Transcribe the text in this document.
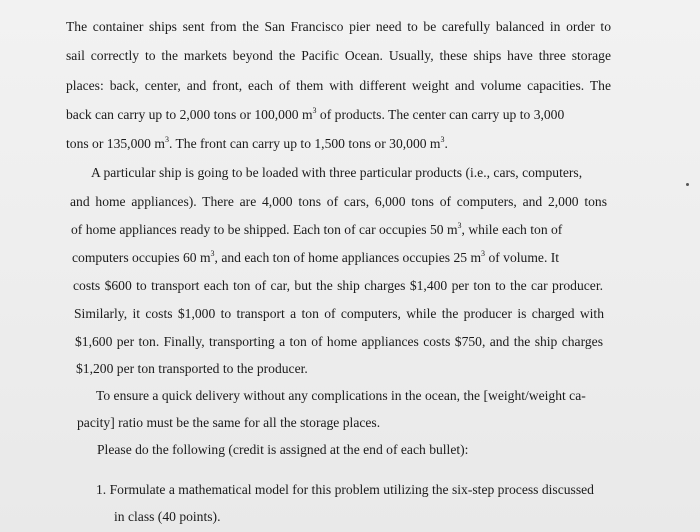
The container ships sent from the San Francisco pier need to be carefully balanced in order to

sail correctly to the markets beyond the Pacific Ocean. Usually, these ships have three storage

places: back, center, and front, each of them with different weight and volume capacities. The

back can carry up to 2,000 tons or 100,000 $m^3$ of products. The center can carry up to 3,000

tons or 135,000 $m^3$. The front can carry up to 1,500 tons or 30,000 $m^3$.

A particular ship is going to be loaded with three particular products (i.e., cars, computers,

and home appliances). There are 4,000 tons of cars, 6,000 tons of computers, and 2,000 tons

of home appliances ready to be shipped. Each ton of car occupies 50 $m^3$, while each ton of

computers occupies 60 $m^3$, and each ton of home appliances occupies 25 $m^3$ of volume. It

costs $600 to transport each ton of car, but the ship charges $1,400 per ton to the car producer.

Similarly, it costs $1,000 to transport a ton of computers, while the producer is charged with

$1,600 per ton. Finally, transporting a ton of home appliances costs $750, and the ship charges

$1,200 per ton transported to the producer.

To ensure a quick delivery without any complications in the ocean, the [weight/weight ca-

pacity] ratio must be the same for all the storage places.

Please do the following (credit is assigned at the end of each bullet):

1. Formulate a mathematical model for this problem utilizing the six-step process discussed

in class (40 points).
